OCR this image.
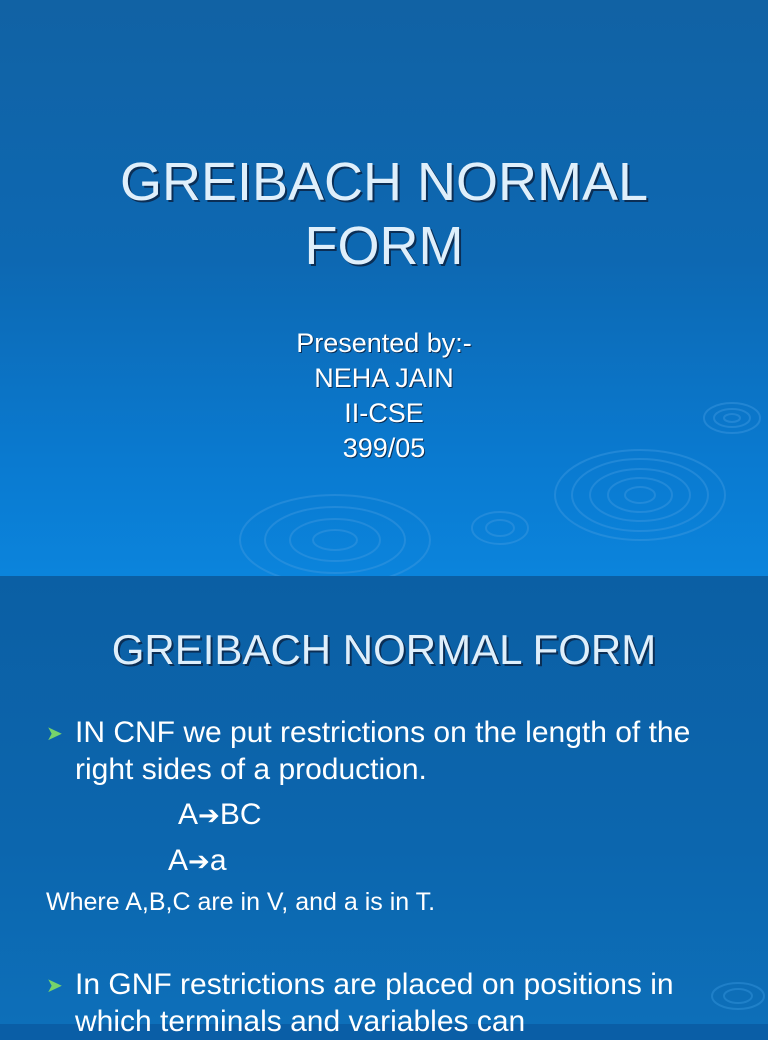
GREIBACH NORMAL
FORM
Presented by:-
NEHA JAIN
II-CSE
399/05
GREIBACH NORMAL FORM
➤ IN CNF we put restrictions on the length of the right sides of a production.
A➔BC
A➔a
Where A,B,C are in V, and a is in T.
➤ In GNF restrictions are placed on positions in which terminals and variables can
